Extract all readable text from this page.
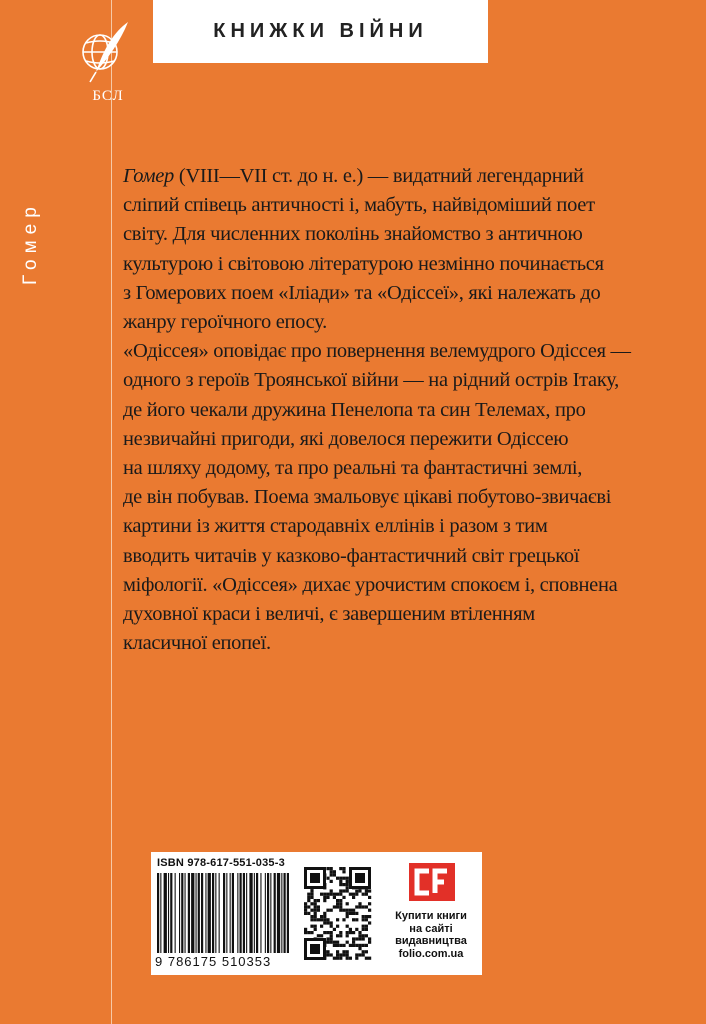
БСЛ
КНИЖКИ ВІЙНИ
Гомер
Гомер (VIII—VII ст. до н. е.) — видатний легендарний
сліпий співець античності і, мабуть, найвідоміший поет
світу. Для численних поколінь знайомство з античною
культурою і світовою літературою незмінно починається
з Гомерових поем «Іліади» та «Одіссеї», які належать до
жанру героїчного епосу.
«Одіссея» оповідає про повернення велемудрого Одіссея —
одного з героїв Троянської війни — на рідний острів Ітаку,
де його чекали дружина Пенелопа та син Телемах, про
незвичайні пригоди, які довелося пережити Одіссею
на шляху додому, та про реальні та фантастичні землі,
де він побував. Поема змальовує цікаві побутово-звичаєві
картини із життя стародавніх еллінів і разом з тим
вводить читачів у казково-фантастичний світ грецької
міфології. «Одіссея» дихає урочистим спокоєм і, сповнена
духовної краси і величі, є завершеним втіленням
класичної епопеї.
ISBN 978-617-551-035-3
9 786175 510353
Купити книги
на сайті
видавництва
folio.com.ua
